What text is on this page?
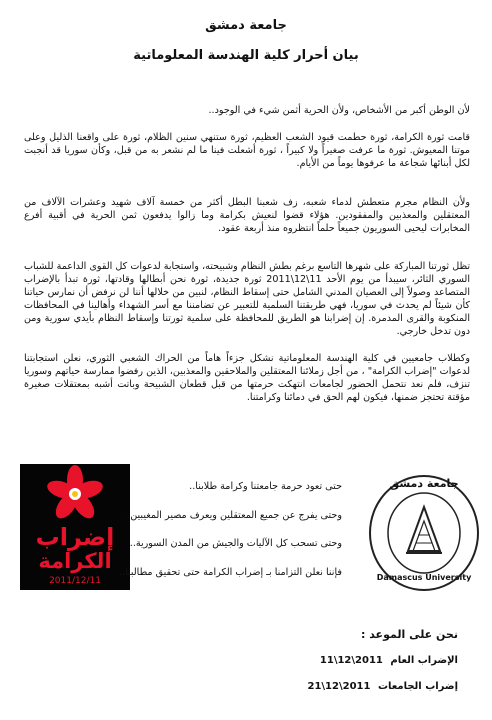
جامعة دمشق
بيان أحرار كلية الهندسة المعلوماتية
لأن الوطن أكبر من الأشخاص، ولأن الحرية أثمن شيء في الوجود..
قامت ثورة الكرامة، ثورة حطمت قيود الشعب العظيم، ثورة ستنهي سنين الظلام، ثورة على واقعنا الذليل وعلى موتنا المعيوش. ثورة ما عرفت صغيراً ولا كبيراً ، ثورة أشعلت فينا ما لم نشعر به من قبل، وكأن سوريا قد أنجبت لكل أبنائها شجاعة ما عرفوها يوماً من الأيام.
ولأن النظام مجرم متعطش لدماء شعبه، زف شعبنا البطل أكثر من خمسة آلاف شهيد وعشرات الآلاف من المعتقلين والمعذبين والمفقودين. هؤلاء قضوا لنعيش بكرامة وما زالوا يدفعون ثمن الحرية في أقبية أفرع المخابرات ليحيى السوريون جميعاً حلماً انتظروه منذ أربعة عقود.
تظل ثورتنا المباركة على شهرها التاسع برغم بطش النظام وشبيحته، واستجابة لدعوات كل القوى الداعمة للشباب السوري الثائر، سيبدأ من يوم الأحد 11\12\2011 ثورة جديدة، ثورة نحن أبطالها وقادتها، ثورة تبدأ بالإضراب المتصاعد وصولاً إلى العصيان المدني الشامل حتى إسقاط النظام، لنبين من خلالها أننا لن نرفض أن نمارس حياتنا كأن شيئاً لم يحدث في سوريا، فهي طريقتنا السلمية للتعبير عن تضامننا مع أسر الشهداء وأهالينا في المحافظات المنكوبة والقرى المدمرة. إن إضرابنا هو الطريق للمحافظة على سلمية ثورتنا وإسقاط النظام بأيدي سورية ومن دون تدخل خارجي.
وكطلاب جامعيين في كلية الهندسة المعلوماتية نشكل جزءاً هاماً من الحراك الشعبي الثوري، نعلن استجابتنا لدعوات "إضراب الكرامة" ، من أجل زملائنا المعتقلين والملاحقين والمعذبين، الذين رفضوا ممارسة حياتهم وسوريا تنزف، فلم نعد نتحمل الحضور لجامعات انتهكت حرمتها من قبل قطعان الشبيحة وباتت أشبه بمعتقلات صغيرة مؤقتة تحتجز ضمنها، فيكون لهم الحق في دمائنا وكرامتنا.
إضراب
الكرامة
2011/12/11
جامعة دمشق
Damascus University
حتى تعود حرمة جامعتنا وكرامة طلابنا..
وحتى يفرج عن جميع المعتقلين ويعرف مصير المغيبين..
وحتى تسحب كل الآليات والجيش من المدن السورية..
فإننا نعلن التزامنا بـ إضراب الكرامة حتى تحقيق مطالبنا..
نحن على الموعد :
الإضراب العام 11\12\2011
إضراب الجامعات 21\12\2011
